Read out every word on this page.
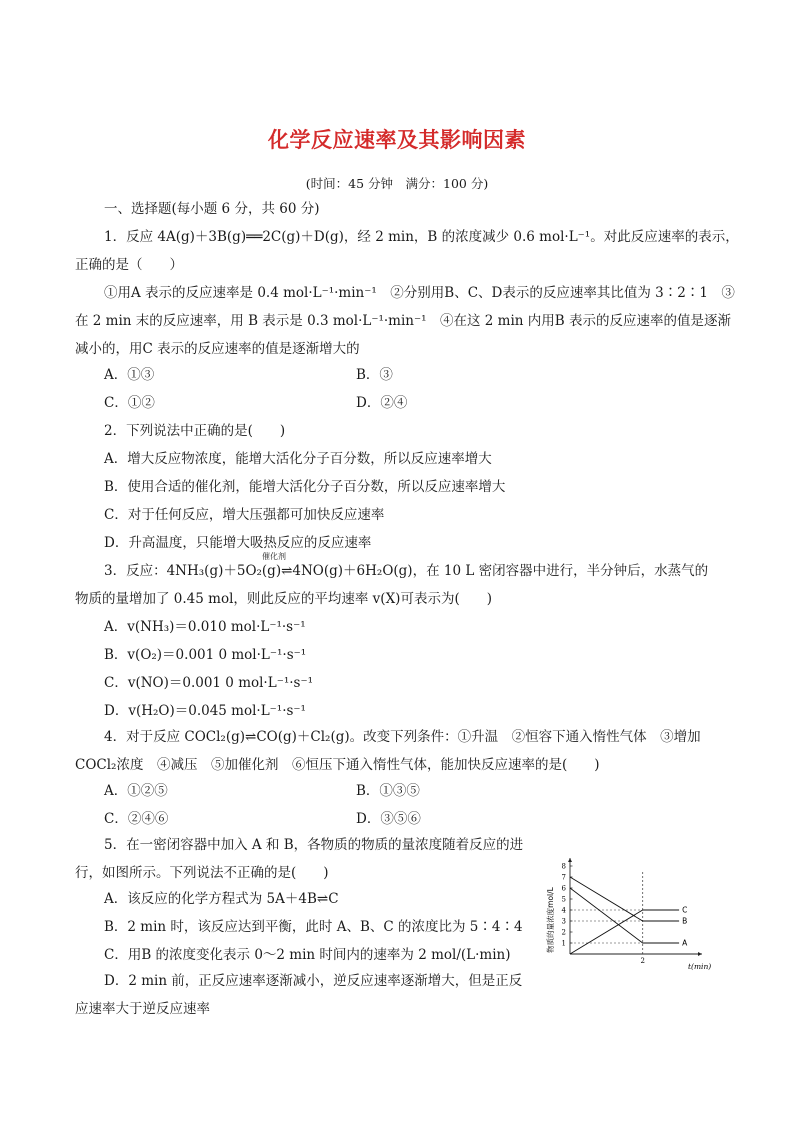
化学反应速率及其影响因素
(时间：45 分钟　满分：100 分)
一、选择题(每小题 6 分，共 60 分)
1．反应 4A(g)＋3B(g)══2C(g)＋D(g)，经 2 min，B 的浓度减少 0.6 mol·L⁻¹。对此反应速率的表示，
正确的是（　　）
①用A 表示的反应速率是 0.4 mol·L⁻¹·min⁻¹　②分别用B、C、D表示的反应速率其比值为 3∶2∶1　③
在 2 min 末的反应速率，用 B 表示是 0.3 mol·L⁻¹·min⁻¹　④在这 2 min 内用B 表示的反应速率的值是逐渐
减小的，用C 表示的反应速率的值是逐渐增大的
A．①③	B．③
C．①②	D．②④
2．下列说法中正确的是(　　)
A．增大反应物浓度，能增大活化分子百分数，所以反应速率增大
B．使用合适的催化剂，能增大活化分子百分数，所以反应速率增大
C．对于任何反应，增大压强都可加快反应速率
D．升高温度，只能增大吸热反应的反应速率
催化剂
3．反应：4NH₃(g)＋5O₂(g)⇌4NO(g)＋6H₂O(g)，在 10 L 密闭容器中进行，半分钟后，水蒸气的
物质的量增加了 0.45 mol，则此反应的平均速率 v(X)可表示为(　　)
A．v(NH₃)＝0.010 mol·L⁻¹·s⁻¹
B．v(O₂)＝0.001 0 mol·L⁻¹·s⁻¹
C．v(NO)＝0.001 0 mol·L⁻¹·s⁻¹
D．v(H₂O)＝0.045 mol·L⁻¹·s⁻¹
4．对于反应 COCl₂(g)⇌CO(g)＋Cl₂(g)。改变下列条件：①升温　②恒容下通入惰性气体　③增加
COCl₂浓度　④减压　⑤加催化剂　⑥恒压下通入惰性气体，能加快反应速率的是(　　)
A．①②⑤	B．①③⑤
C．②④⑥	D．③⑤⑥
5．在一密闭容器中加入 A 和 B，各物质的物质的量浓度随着反应的进
行，如图所示。下列说法不正确的是(　　)
A．该反应的化学方程式为 5A＋4B⇌C
B．2 min 时，该反应达到平衡，此时 A、B、C 的浓度比为 5∶4∶4
C．用B 的浓度变化表示 0～2 min 时间内的速率为 2 mol/(L·min)
D．2 min 前，正反应速率逐渐减小，逆反应速率逐渐增大，但是正反
应速率大于逆反应速率
物质的量浓度mol/L
t(min)
1
2
3
4
5
6
7
8
2
A
B
C
